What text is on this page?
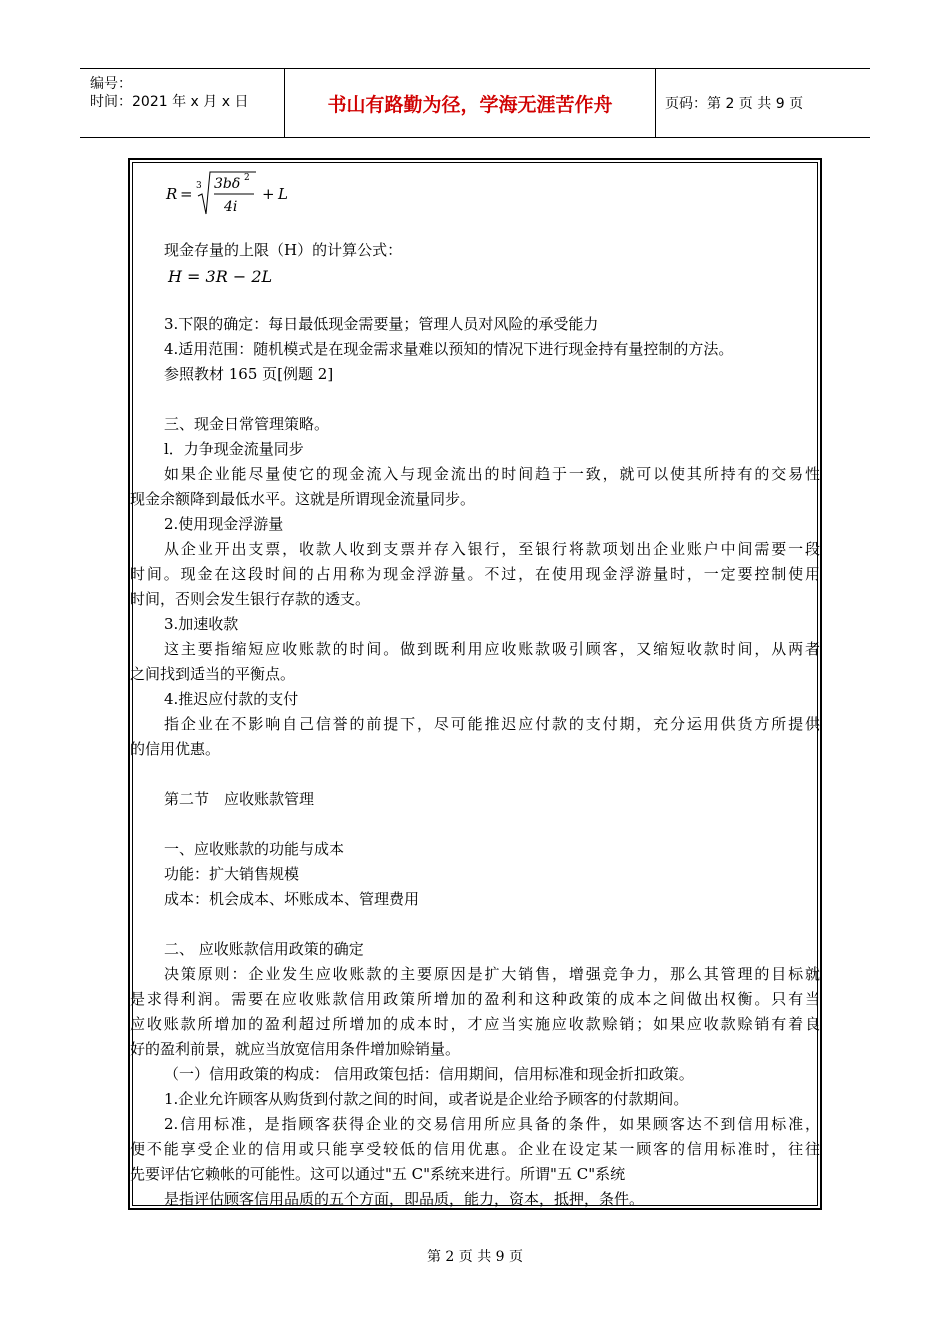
编号：
时间：2021 年 x 月 x 日	书山有路勤为径，学海无涯苦作舟	页码：第 2 页 共 9 页
R = 3 3bδ 2
4i
+ L
现金存量的上限（H）的计算公式：
H = 3R − 2L
3.下限的确定：每日最低现金需要量；管理人员对风险的承受能力
4.适用范围：随机模式是在现金需求量难以预知的情况下进行现金持有量控制的方法。
参照教材 165 页[例题 2]
三、现金日常管理策略。
l．力争现金流量同步
如果企业能尽量使它的现金流入与现金流出的时间趋于一致，就可以使其所持有的交易性
现金余额降到最低水平。这就是所谓现金流量同步。
2.使用现金浮游量
从企业开出支票，收款人收到支票并存入银行，至银行将款项划出企业账户中间需要一段
时间。现金在这段时间的占用称为现金浮游量。不过，在使用现金浮游量时，一定要控制使用
时间，否则会发生银行存款的透支。
3.加速收款
这主要指缩短应收账款的时间。做到既利用应收账款吸引顾客，又缩短收款时间，从两者
之间找到适当的平衡点。
4.推迟应付款的支付
指企业在不影响自己信誉的前提下，尽可能推迟应付款的支付期，充分运用供货方所提供
的信用优惠。
第二节　应收账款管理
一、应收账款的功能与成本
功能：扩大销售规模
成本：机会成本、坏账成本、管理费用
二、 应收账款信用政策的确定
决策原则：企业发生应收账款的主要原因是扩大销售，增强竞争力，那么其管理的目标就
是求得利润。需要在应收账款信用政策所增加的盈利和这种政策的成本之间做出权衡。只有当
应收账款所增加的盈利超过所增加的成本时，才应当实施应收款赊销；如果应收款赊销有着良
好的盈利前景，就应当放宽信用条件增加赊销量。
（一）信用政策的构成： 信用政策包括：信用期间，信用标准和现金折扣政策。
1.企业允许顾客从购货到付款之间的时间，或者说是企业给予顾客的付款期间。
2.信用标准，是指顾客获得企业的交易信用所应具备的条件，如果顾客达不到信用标准，
便不能享受企业的信用或只能享受较低的信用优惠。企业在设定某一顾客的信用标准时，往往
先要评估它赖帐的可能性。这可以通过"五 C"系统来进行。所谓"五 C"系统
是指评估顾客信用品质的五个方面，即品质，能力，资本，抵押，条件。
第 2 页 共 9 页
